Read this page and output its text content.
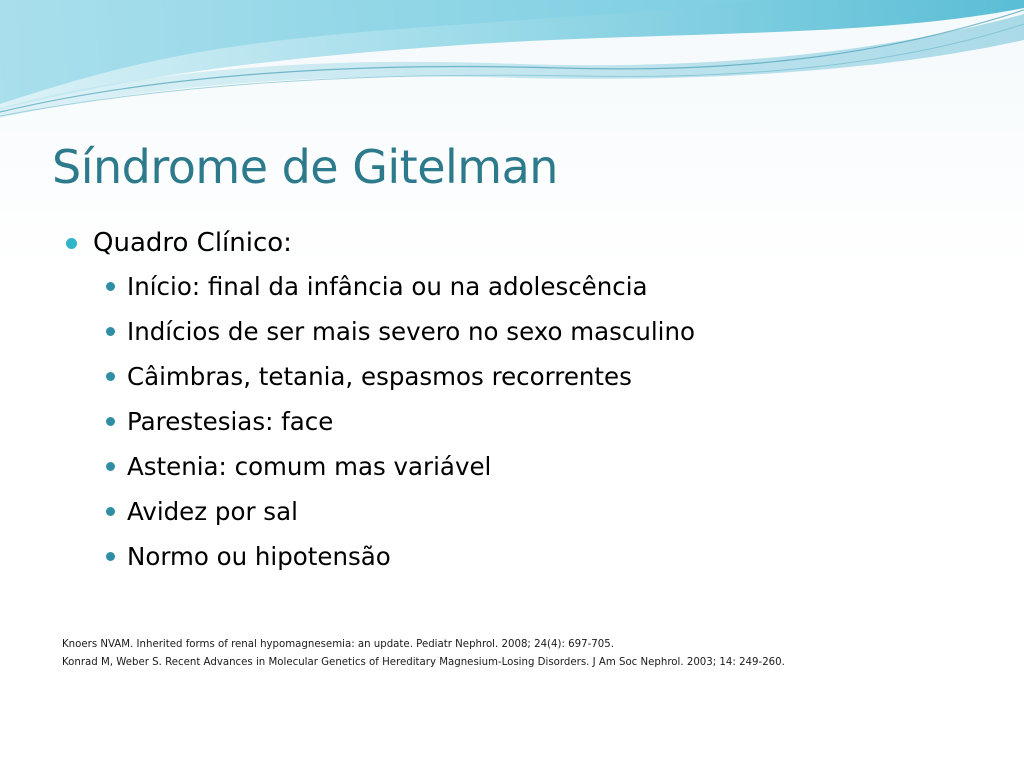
Síndrome de Gitelman
Quadro Clínico:
Início: final da infância ou na adolescência
Indícios de ser mais severo no sexo masculino
Câimbras, tetania, espasmos recorrentes
Parestesias: face
Astenia: comum mas variável
Avidez por sal
Normo ou hipotensão

Knoers NVAM. Inherited forms of renal hypomagnesemia: an update. Pediatr Nephrol. 2008; 24(4): 697-705.

Konrad M, Weber S. Recent Advances in Molecular Genetics of Hereditary Magnesium-Losing Disorders. J Am Soc Nephrol. 2003; 14: 249-260.
